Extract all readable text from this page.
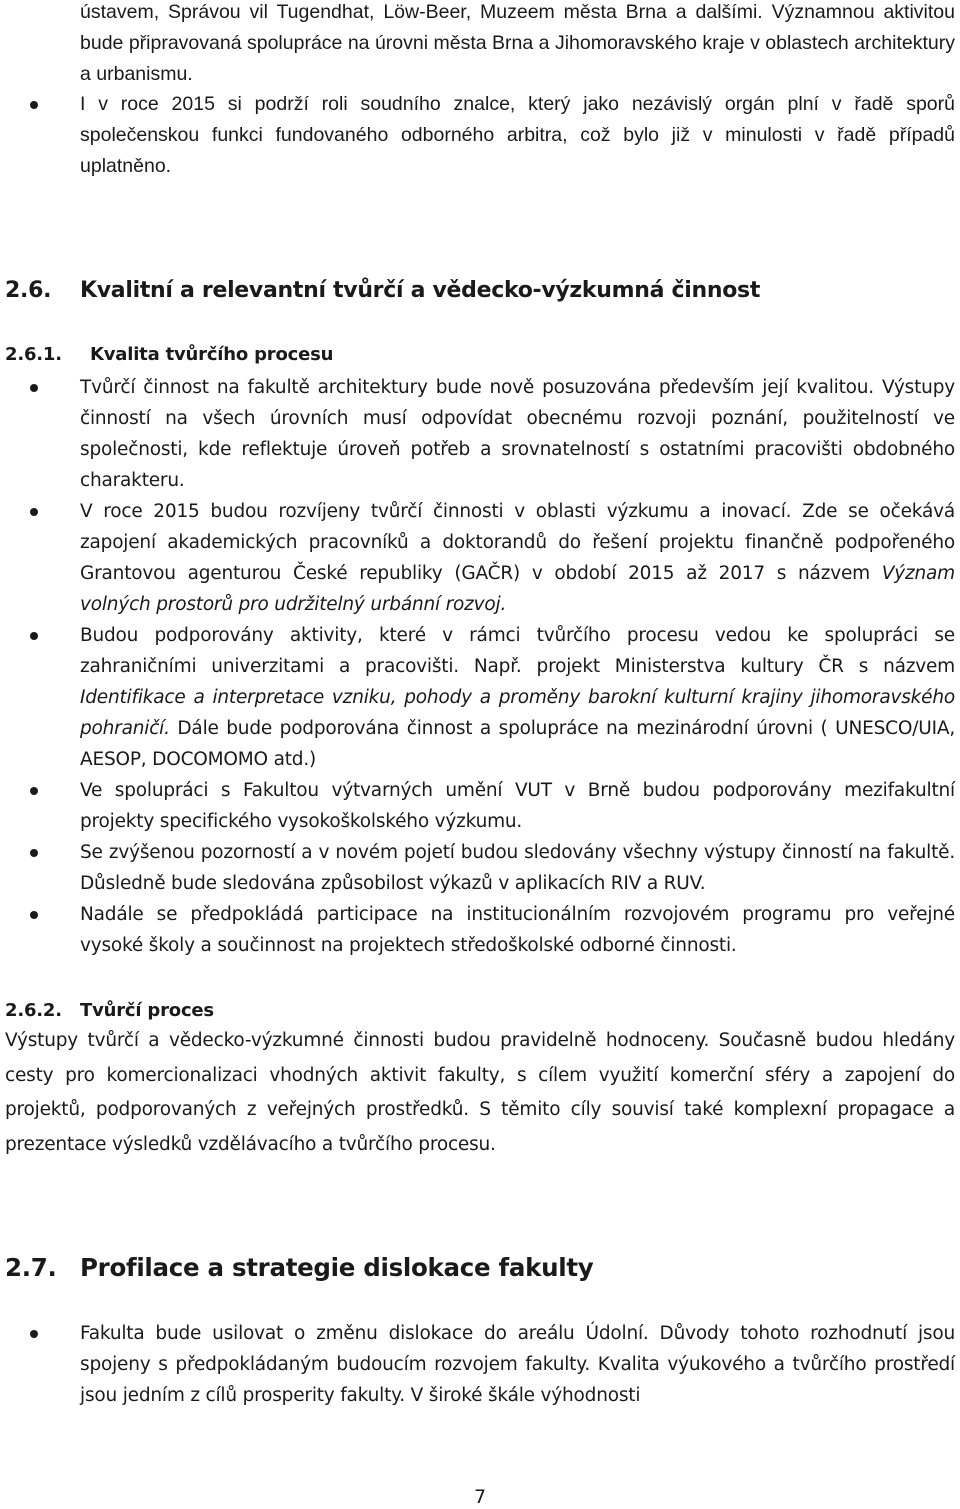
ústavem, Správou vil Tugendhat, Löw-Beer, Muzeem města Brna a dalšími. Významnou aktivitou bude připravovaná spolupráce na úrovni města Brna a Jihomoravského kraje v oblastech architektury a urbanismu.
I v roce 2015 si podrží roli soudního znalce, který jako nezávislý orgán plní v řadě sporů společenskou funkci fundovaného odborného arbitra, což bylo již v minulosti v řadě případů uplatněno.
2.6. Kvalitní a relevantní tvůrčí a vědecko-výzkumná činnost
2.6.1. Kvalita tvůrčího procesu
Tvůrčí činnost na fakultě architektury bude nově posuzována především její kvalitou. Výstupy činností na všech úrovních musí odpovídat obecnému rozvoji poznání, použitelností ve společnosti, kde reflektuje úroveň potřeb a srovnatelností s ostatními pracovišti obdobného charakteru.
V roce 2015 budou rozvíjeny tvůrčí činnosti v oblasti výzkumu a inovací. Zde se očekává zapojení akademických pracovníků a doktorandů do řešení projektu finančně podpořeného Grantovou agenturou České republiky (GAČR) v období 2015 až 2017 s názvem Význam volných prostorů pro udržitelný urbánní rozvoj.
Budou podporovány aktivity, které v rámci tvůrčího procesu vedou ke spolupráci se zahraničními univerzitami a pracovišti. Např. projekt Ministerstva kultury ČR s názvem Identifikace a interpretace vzniku, pohody a proměny barokní kulturní krajiny jihomoravského pohraničí. Dále bude podporována činnost a spolupráce na mezinárodní úrovni ( UNESCO/UIA, AESOP, DOCOMOMO atd.)
Ve spolupráci s Fakultou výtvarných umění VUT v Brně budou podporovány mezifakultní projekty specifického vysokoškolského výzkumu.
Se zvýšenou pozorností a v novém pojetí budou sledovány všechny výstupy činností na fakultě. Důsledně bude sledována způsobilost výkazů v aplikacích RIV a RUV.
Nadále se předpokládá participace na institucionálním rozvojovém programu pro veřejné vysoké školy a součinnost na projektech středoškolské odborné činnosti.
2.6.2. Tvůrčí proces
Výstupy tvůrčí a vědecko-výzkumné činnosti budou pravidelně hodnoceny. Současně budou hledány cesty pro komercionalizaci vhodných aktivit fakulty, s cílem využití komerční sféry a zapojení do projektů, podporovaných z veřejných prostředků. S těmito cíly souvisí také komplexní propagace a prezentace výsledků vzdělávacího a tvůrčího procesu.
2.7. Profilace a strategie dislokace fakulty
Fakulta bude usilovat o změnu dislokace do areálu Údolní. Důvody tohoto rozhodnutí jsou spojeny s předpokládaným budoucím rozvojem fakulty. Kvalita výukového a tvůrčího prostředí jsou jedním z cílů prosperity fakulty. V široké škále výhodnosti
7
